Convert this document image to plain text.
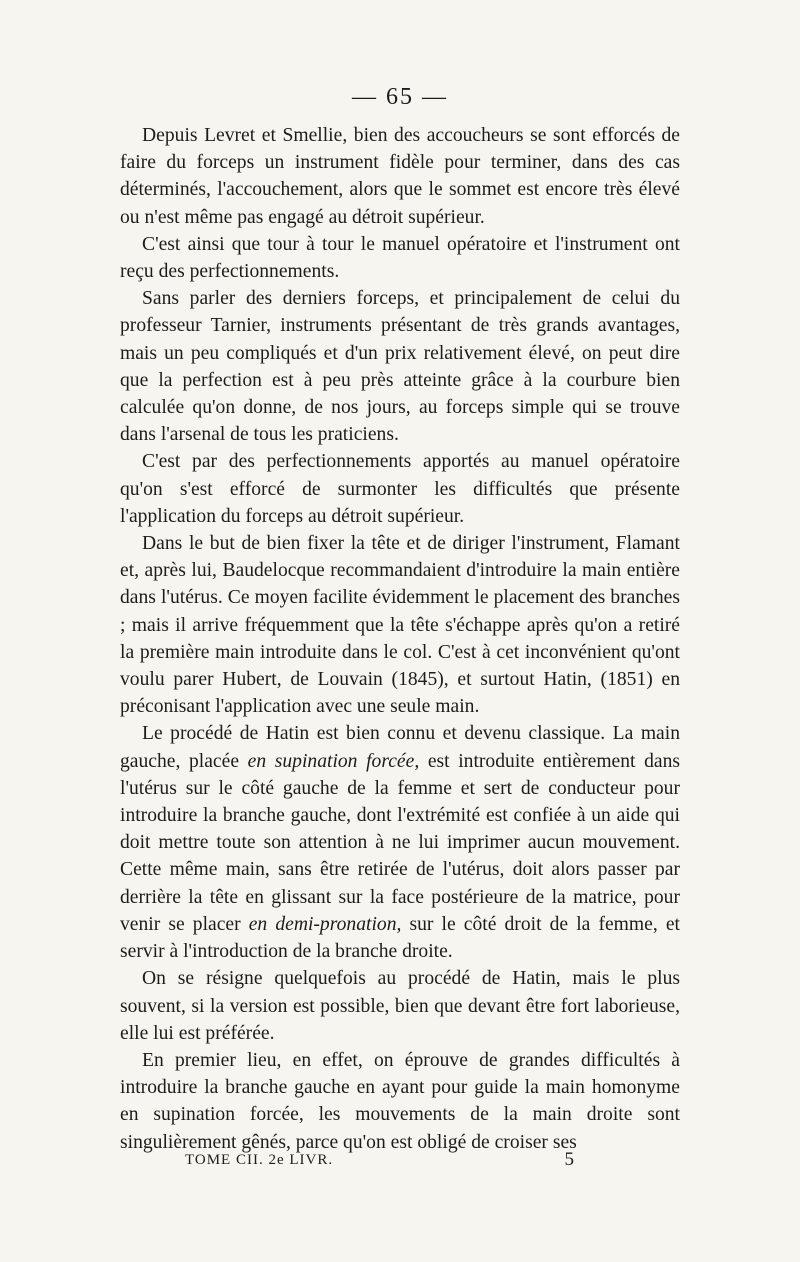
— 65 —

Depuis Levret et Smellie, bien des accoucheurs se sont efforcés de faire du forceps un instrument fidèle pour terminer, dans des cas déterminés, l'accouchement, alors que le sommet est encore très élevé ou n'est même pas engagé au détroit supérieur.

C'est ainsi que tour à tour le manuel opératoire et l'instrument ont reçu des perfectionnements.

Sans parler des derniers forceps, et principalement de celui du professeur Tarnier, instruments présentant de très grands avantages, mais un peu compliqués et d'un prix relativement élevé, on peut dire que la perfection est à peu près atteinte grâce à la courbure bien calculée qu'on donne, de nos jours, au forceps simple qui se trouve dans l'arsenal de tous les praticiens.

C'est par des perfectionnements apportés au manuel opératoire qu'on s'est efforcé de surmonter les difficultés que présente l'application du forceps au détroit supérieur.

Dans le but de bien fixer la tête et de diriger l'instrument, Flamant et, après lui, Baudelocque recommandaient d'introduire la main entière dans l'utérus. Ce moyen facilite évidemment le placement des branches ; mais il arrive fréquemment que la tête s'échappe après qu'on a retiré la première main introduite dans le col. C'est à cet inconvénient qu'ont voulu parer Hubert, de Louvain (1845), et surtout Hatin, (1851) en préconisant l'application avec une seule main.

Le procédé de Hatin est bien connu et devenu classique. La main gauche, placée en supination forcée, est introduite entièrement dans l'utérus sur le côté gauche de la femme et sert de conducteur pour introduire la branche gauche, dont l'extrémité est confiée à un aide qui doit mettre toute son attention à ne lui imprimer aucun mouvement. Cette même main, sans être retirée de l'utérus, doit alors passer par derrière la tête en glissant sur la face postérieure de la matrice, pour venir se placer en demi-pronation, sur le côté droit de la femme, et servir à l'introduction de la branche droite.

On se résigne quelquefois au procédé de Hatin, mais le plus souvent, si la version est possible, bien que devant être fort laborieuse, elle lui est préférée.

En premier lieu, en effet, on éprouve de grandes difficultés à introduire la branche gauche en ayant pour guide la main homonyme en supination forcée, les mouvements de la main droite sont singulièrement gênés, parce qu'on est obligé de croiser ses

TOME CII. 2e LIVR.	5
